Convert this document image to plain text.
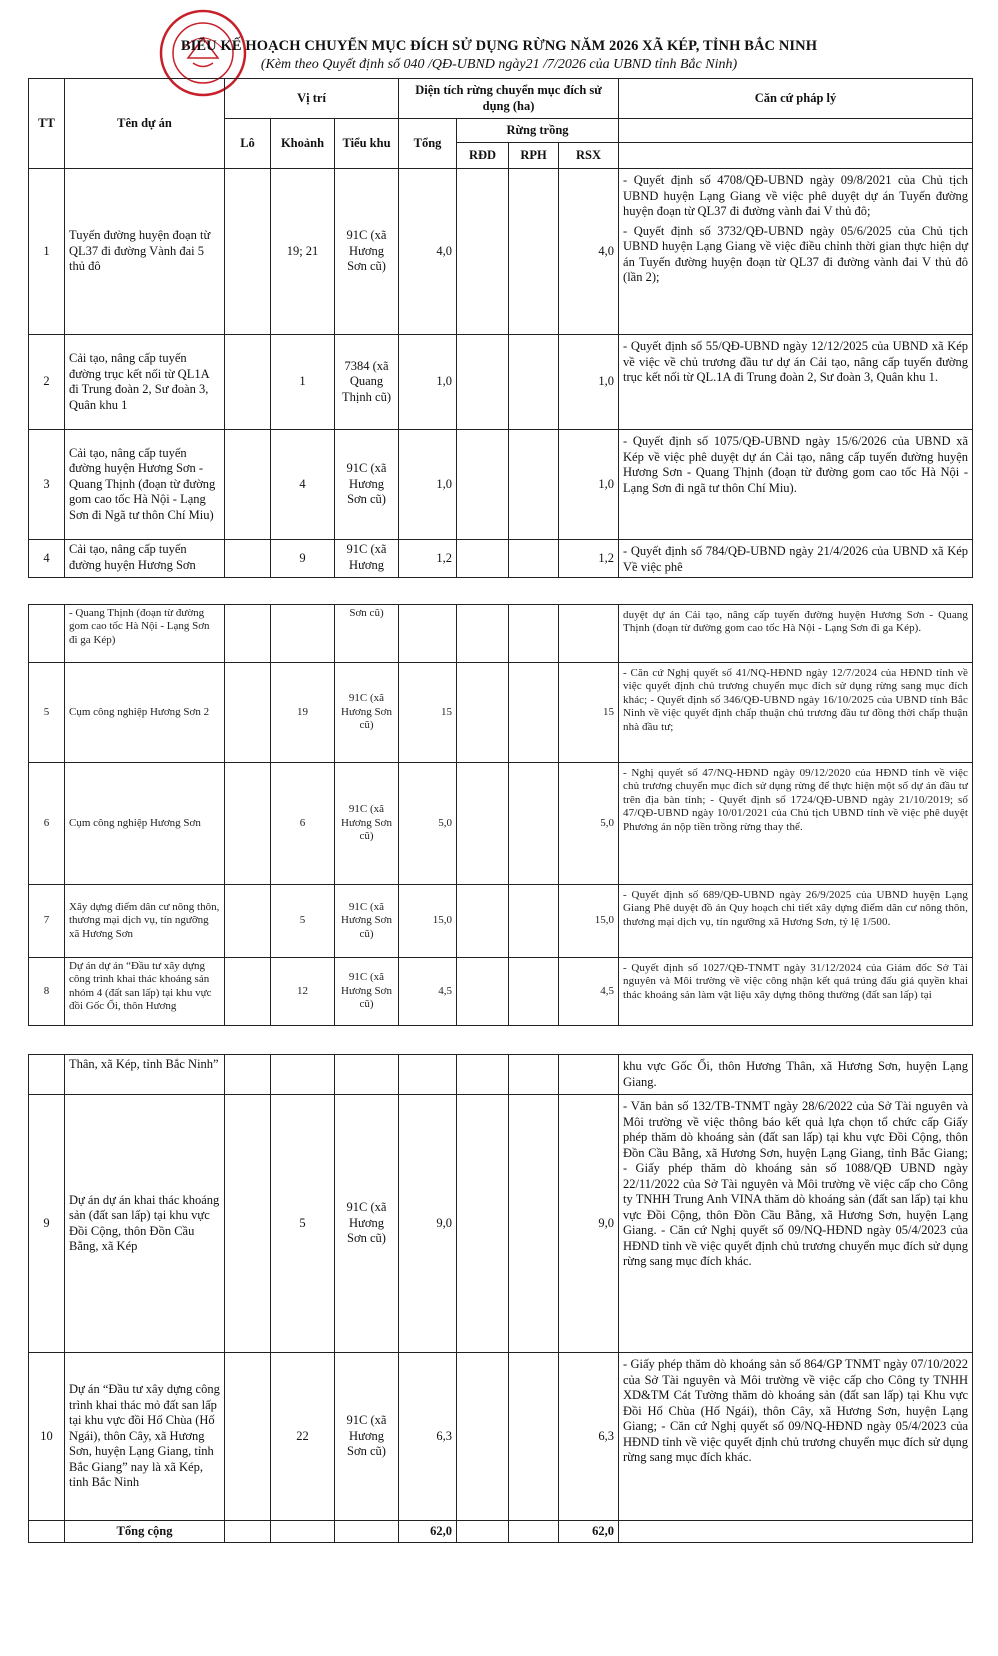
BIỂU KẾ HOẠCH CHUYỂN MỤC ĐÍCH SỬ DỤNG RỪNG NĂM 2026 XÃ KÉP, TỈNH BẮC NINH
(Kèm theo Quyết định số 040 /QĐ-UBND ngày21 /7/2026 của UBND tỉnh Bắc Ninh)
TT	Tên dự án	Vị trí			Diện tích rừng chuyển mục đích sử dụng (ha)				Căn cứ pháp lý
		Lô	Khoảnh	Tiểu khu	Tổng	Rừng trồng			
						RĐD	RPH	RSX	
1	Tuyến đường huyện đoạn từ QL37 đi đường Vành đai 5 thủ đô		19; 21	91C (xã Hương Sơn cũ)	4,0			4,0	- Quyết định số 4708/QĐ-UBND ngày 09/8/2021 của Chủ tịch UBND huyện Lạng Giang về việc phê duyệt dự án Tuyến đường huyện đoạn từ QL37 đi đường vành đai V thủ đô;
- Quyết định số 3732/QĐ-UBND ngày 05/6/2025 của Chủ tịch UBND huyện Lạng Giang về việc điều chỉnh thời gian thực hiện dự án Tuyến đường huyện đoạn từ QL37 đi đường vành đai V thủ đô (lần 2);

2	Cải tạo, nâng cấp tuyến đường trục kết nối từ QL1A đi Trung đoàn 2, Sư đoàn 3, Quân khu 1		1	7384 (xã Quang Thịnh cũ)	1,0			1,0	- Quyết định số 55/QĐ-UBND ngày 12/12/2025 của UBND xã Kép về việc về chủ trương đầu tư dự án Cải tạo, nâng cấp tuyến đường trục kết nối từ QL.1A đi Trung đoàn 2, Sư đoàn 3, Quân khu 1.
3	Cải tạo, nâng cấp tuyến đường huyện Hương Sơn - Quang Thịnh (đoạn từ đường gom cao tốc Hà Nội - Lạng Sơn đi Ngã tư thôn Chí Miu)		4	91C (xã Hương Sơn cũ)	1,0			1,0	- Quyết định số 1075/QĐ-UBND ngày 15/6/2026 của UBND xã Kép về việc phê duyệt dự án Cải tạo, nâng cấp tuyến đường huyện Hương Sơn - Quang Thịnh (đoạn từ đường gom cao tốc Hà Nội - Lạng Sơn đi ngã tư thôn Chí Miu).
4	Cải tạo, nâng cấp tuyến đường huyện Hương Sơn		9	91C (xã Hương	1,2			1,2	- Quyết định số 784/QĐ-UBND ngày 21/4/2026 của UBND xã Kép Về việc phê
	- Quang Thịnh (đoạn từ đường gom cao tốc Hà Nội - Lạng Sơn đi ga Kép)			Sơn cũ)					duyệt dự án Cải tạo, nâng cấp tuyến đường huyện Hương Sơn - Quang Thịnh (đoạn từ đường gom cao tốc Hà Nội - Lạng Sơn đi ga Kép).
5	Cụm công nghiệp Hương Sơn 2		19	91C (xã Hương Sơn cũ)	15			15	- Căn cứ Nghị quyết số 41/NQ-HĐND ngày 12/7/2024 của HĐND tỉnh về việc quyết định chủ trương chuyển mục đích sử dụng rừng sang mục đích khác; - Quyết định số 346/QĐ-UBND ngày 16/10/2025 của UBND tỉnh Bắc Ninh về việc quyết định chấp thuận chủ trương đầu tư đồng thời chấp thuận nhà đầu tư;
6	Cụm công nghiệp Hương Sơn		6	91C (xã Hương Sơn cũ)	5,0			5,0	- Nghị quyết số 47/NQ-HĐND ngày 09/12/2020 của HĐND tỉnh về việc chủ trương chuyển mục đích sử dụng rừng để thực hiện một số dự án đầu tư trên địa bàn tỉnh; - Quyết định số 1724/QĐ-UBND ngày 21/10/2019; số 47/QĐ-UBND ngày 10/01/2021 của Chủ tịch UBND tỉnh về việc phê duyệt Phương án nộp tiền trồng rừng thay thế.
7	Xây dựng điểm dân cư nông thôn, thương mại dịch vụ, tín ngưỡng xã Hương Sơn		5	91C (xã Hương Sơn cũ)	15,0			15,0	- Quyết định số 689/QĐ-UBND ngày 26/9/2025 của UBND huyện Lạng Giang Phê duyệt đồ án Quy hoạch chi tiết xây dựng điểm dân cư nông thôn, thương mại dịch vụ, tín ngưỡng xã Hương Sơn, tỷ lệ 1/500.
8	Dự án dự án “Đầu tư xây dựng công trình khai thác khoáng sản nhóm 4 (đất san lấp) tại khu vực đồi Gốc Ổi, thôn Hương		12	91C (xã Hương Sơn cũ)	4,5			4,5	- Quyết định số 1027/QĐ-TNMT ngày 31/12/2024 của Giám đốc Sở Tài nguyên và Môi trường về việc công nhận kết quả trúng đấu giá quyền khai thác khoáng sản làm vật liệu xây dựng thông thường (đất san lấp) tại
	Thân, xã Kép, tỉnh Bắc Ninh”								khu vực Gốc Ổi, thôn Hương Thân, xã Hương Sơn, huyện Lạng Giang.
9	Dự án dự án khai thác khoáng sản (đất san lấp) tại khu vực Đồi Cộng, thôn Đồn Cầu Bằng, xã Kép		5	91C (xã Hương Sơn cũ)	9,0			9,0	- Văn bản số 132/TB-TNMT ngày 28/6/2022 của Sở Tài nguyên và Môi trường về việc thông báo kết quả lựa chọn tổ chức cấp Giấy phép thăm dò khoáng sản (đất san lấp) tại khu vực Đồi Cộng, thôn Đồn Cầu Bằng, xã Hương Sơn, huyện Lạng Giang, tỉnh Bắc Giang; - Giấy phép thăm dò khoáng sản số 1088/QĐ UBND ngày 22/11/2022 của Sở Tài nguyên và Môi trường về việc cấp cho Công ty TNHH Trung Anh VINA thăm dò khoáng sản (đất san lấp) tại khu vực Đồi Cộng, thôn Đồn Cầu Bằng, xã Hương Sơn, huyện Lạng Giang. - Căn cứ Nghị quyết số 09/NQ-HĐND ngày 05/4/2023 của HĐND tỉnh về việc quyết định chủ trương chuyển mục đích sử dụng rừng sang mục đích khác.
10	Dự án “Đầu tư xây dựng công trình khai thác mỏ đất san lấp tại khu vực đồi Hố Chùa (Hố Ngái), thôn Cây, xã Hương Sơn, huyện Lạng Giang, tỉnh Bắc Giang” nay là xã Kép, tỉnh Bắc Ninh		22	91C (xã Hương Sơn cũ)	6,3			6,3	- Giấy phép thăm dò khoáng sản số 864/GP TNMT ngày 07/10/2022 của Sở Tài nguyên và Môi trường về việc cấp cho Công ty TNHH XD&TM Cát Tường thăm dò khoáng sản (đất san lấp) tại Khu vực Đồi Hố Chùa (Hố Ngái), thôn Cây, xã Hương Sơn, huyện Lạng Giang; - Căn cứ Nghị quyết số 09/NQ-HĐND ngày 05/4/2023 của HĐND tỉnh về việc quyết định chủ trương chuyển mục đích sử dụng rừng sang mục đích khác.
	Tổng cộng				62,0			62,0	
